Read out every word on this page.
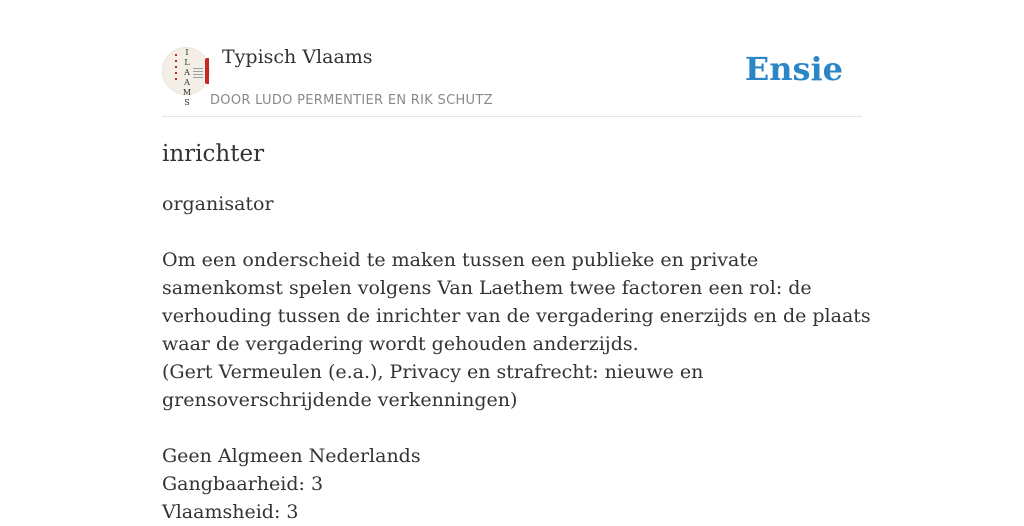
I
L
A
A
M
S
Typisch Vlaams
DOOR LUDO PERMENTIER EN RIK SCHUTZ
Ensie
inrichter

organisator

Om een onderscheid te maken tussen een publieke en private samenkomst spelen volgens Van Laethem twee factoren een rol: de verhouding tussen de inrichter van de vergadering enerzijds en de plaats waar de vergadering wordt gehouden anderzijds.

(Gert Vermeulen (e.a.), Privacy en strafrecht: nieuwe en grensoverschrijdende verkenningen)

Geen Algmeen Nederlands
Gangbaarheid: 3
Vlaamsheid: 3
